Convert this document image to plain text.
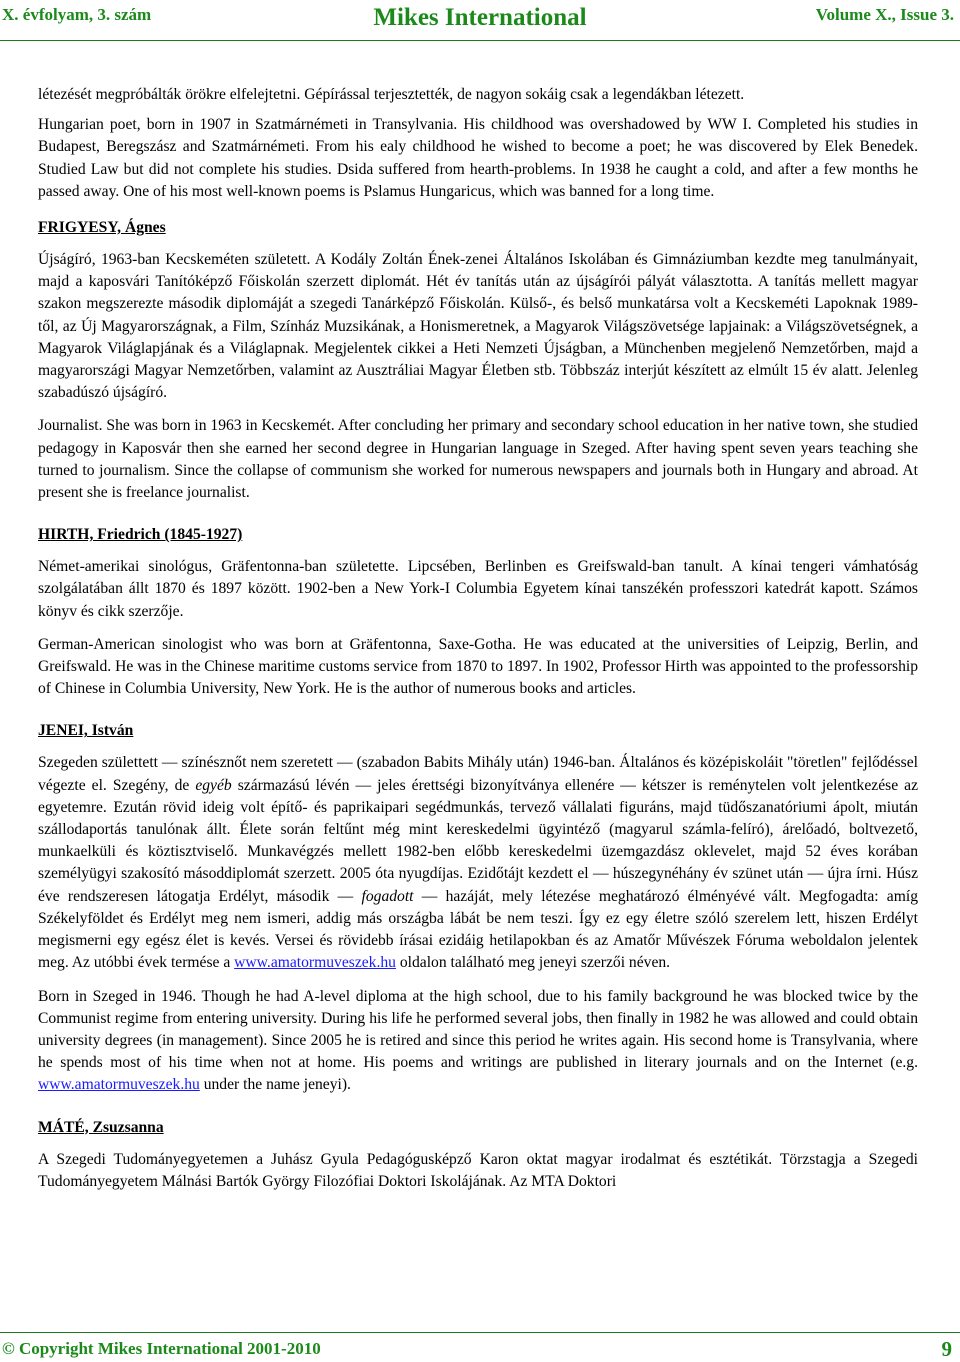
X. évfolyam, 3. szám	Mikes International	Volume X., Issue 3.

létezését megpróbálták örökre elfelejtetni. Gépírással terjesztették, de nagyon sokáig csak a legendákban létezett.

Hungarian poet, born in 1907 in Szatmárnémeti in Transylvania. His childhood was overshadowed by WW I. Completed his studies in Budapest, Beregszász and Szatmárnémeti. From his ealy childhood he wished to become a poet; he was discovered by Elek Benedek. Studied Law but did not complete his studies. Dsida suffered from hearth-problems. In 1938 he caught a cold, and after a few months he passed away. One of his most well-known poems is Pslamus Hungaricus, which was banned for a long time.

FRIGYESY, Ágnes

Újságíró, 1963-ban Kecskeméten született. A Kodály Zoltán Ének-zenei Általános Iskolában és Gimnáziumban kezdte meg tanulmányait, majd a kaposvári Tanítóképző Főiskolán szerzett diplomát. Hét év tanítás után az újságírói pályát választotta. A tanítás mellett magyar szakon megszerezte második diplomáját a szegedi Tanárképző Főiskolán. Külső-, és belső munkatársa volt a Kecskeméti Lapoknak 1989-től, az Új Magyarországnak, a Film, Színház Muzsikának, a Honismeretnek, a Magyarok Világszövetsége lapjainak: a Világszövetségnek, a Magyarok Világlapjának és a Világlapnak. Megjelentek cikkei a Heti Nemzeti Újságban, a Münchenben megjelenő Nemzetőrben, majd a magyarországi Magyar Nemzetőrben, valamint az Ausztráliai Magyar Életben stb. Többszáz interjút készített az elmúlt 15 év alatt. Jelenleg szabadúszó újságíró.

Journalist. She was born in 1963 in Kecskemét. After concluding her primary and secondary school education in her native town, she studied pedagogy in Kaposvár then she earned her second degree in Hungarian language in Szeged. After having spent seven years teaching she turned to journalism. Since the collapse of communism she worked for numerous newspapers and journals both in Hungary and abroad. At present she is freelance journalist.

HIRTH, Friedrich (1845-1927)

Német-amerikai sinológus, Gräfentonna-ban születette. Lipcsében, Berlinben es Greifswald-ban tanult. A kínai tengeri vámhatóság szolgálatában állt 1870 és 1897 között. 1902-ben a New York-I Columbia Egyetem kínai tanszékén professzori katedrát kapott. Számos könyv és cikk szerzője.

German-American sinologist who was born at Gräfentonna, Saxe-Gotha. He was educated at the universities of Leipzig, Berlin, and Greifswald. He was in the Chinese maritime customs service from 1870 to 1897. In 1902, Professor Hirth was appointed to the professorship of Chinese in Columbia University, New York. He is the author of numerous books and articles.

JENEI, István

Szegeden születtett — színésznőt nem szeretett — (szabadon Babits Mihály után) 1946-ban. Általános és középiskoláit "töretlen" fejlődéssel végezte el. Szegény, de egyéb származású lévén — jeles érettségi bizonyítványa ellenére — kétszer is reménytelen volt jelentkezése az egyetemre. Ezután rövid ideig volt építő- és paprikaipari segédmunkás, tervező vállalati figuráns, majd tüdőszanatóriumi ápolt, miután szállodaportás tanulónak állt. Élete során feltűnt még mint kereskedelmi ügyintéző (magyarul számla-felíró), árelőadó, boltvezető, munkaelküli és köztisztviselő. Munkavégzés mellett 1982-ben előbb kereskedelmi üzemgazdász oklevelet, majd 52 éves korában személyügyi szakosító másoddiplomát szerzett. 2005 óta nyugdíjas. Ezidőtájt kezdett el — húszegynéhány év szünet után — újra írni. Húsz éve rendszeresen látogatja Erdélyt, második — fogadott — hazáját, mely létezése meghatározó élményévé vált. Megfogadta: amíg Székelyföldet és Erdélyt meg nem ismeri, addig más országba lábát be nem teszi. Így ez egy életre szóló szerelem lett, hiszen Erdélyt megismerni egy egész élet is kevés. Versei és rövidebb írásai ezidáig hetilapokban és az Amatőr Művészek Fóruma weboldalon jelentek meg. Az utóbbi évek termése a www.amatormuveszek.hu oldalon található meg jeneyi szerzői néven.

Born in Szeged in 1946. Though he had A-level diploma at the high school, due to his family background he was blocked twice by the Communist regime from entering university. During his life he performed several jobs, then finally in 1982 he was allowed and could obtain university degrees (in management). Since 2005 he is retired and since this period he writes again. His second home is Transylvania, where he spends most of his time when not at home. His poems and writings are published in literary journals and on the Internet (e.g. www.amatormuveszek.hu under the name jeneyi).

MÁTÉ, Zsuzsanna

A Szegedi Tudományegyetemen a Juhász Gyula Pedagógusképző Karon oktat magyar irodalmat és esztétikát. Törzstagja a Szegedi Tudományegyetem Málnási Bartók György Filozófiai Doktori Iskolájának. Az MTA Doktori

© Copyright Mikes International 2001-2010	9
